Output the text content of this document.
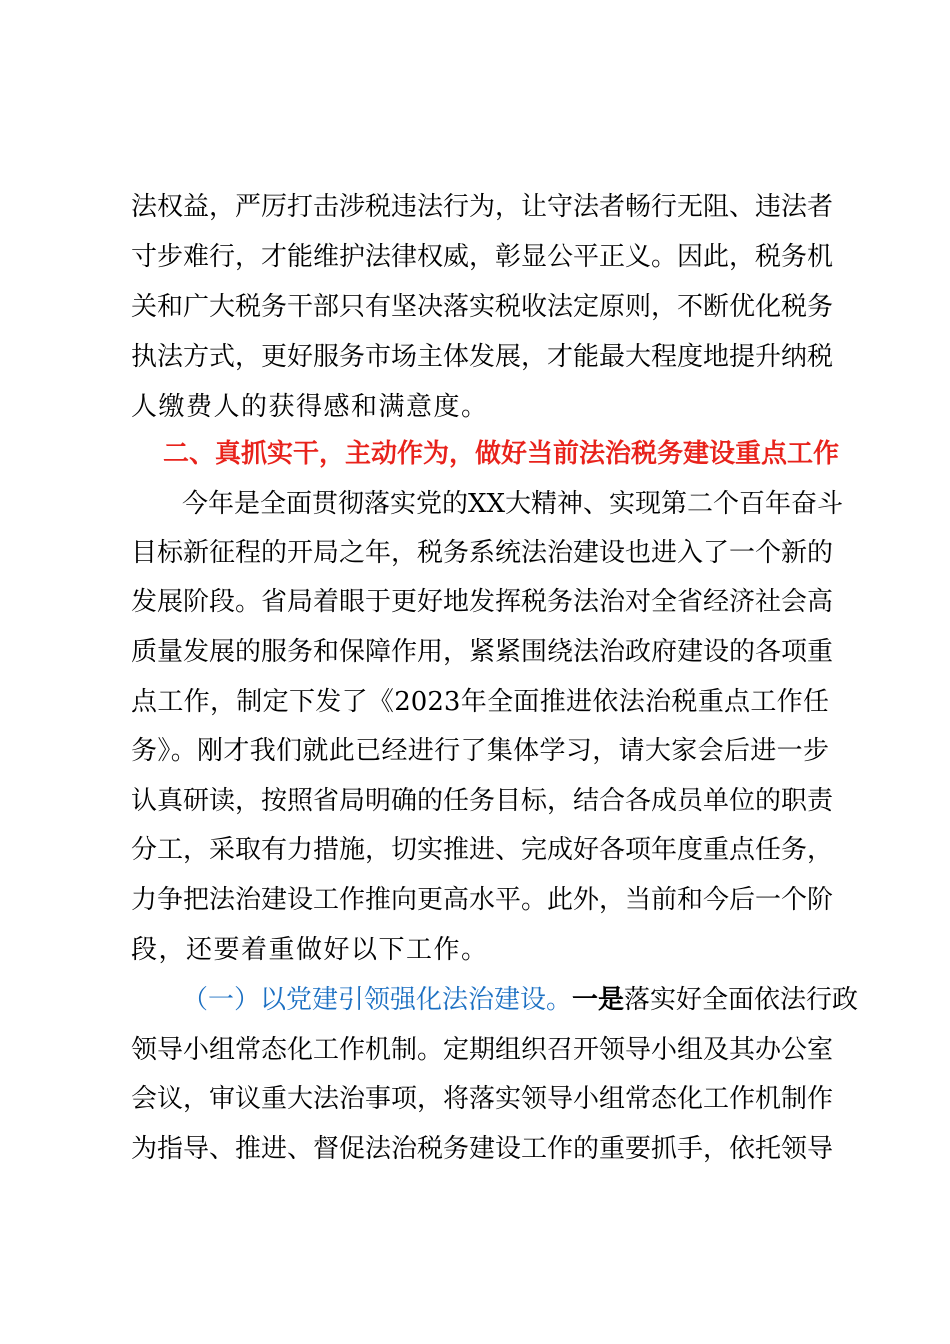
法权益，严厉打击涉税违法行为，让守法者畅行无阻、违法者
寸步难行，才能维护法律权威，彰显公平正义。因此，税务机
关和广大税务干部只有坚决落实税收法定原则，不断优化税务
执法方式，更好服务市场主体发展，才能最大程度地提升纳税
人缴费人的获得感和满意度。
二、真抓实干，主动作为，做好当前法治税务建设重点工作
今年是全面贯彻落实党的XX大精神、实现第二个百年奋斗
目标新征程的开局之年，税务系统法治建设也进入了一个新的
发展阶段。省局着眼于更好地发挥税务法治对全省经济社会高
质量发展的服务和保障作用，紧紧围绕法治政府建设的各项重
点工作，制定下发了《2023年全面推进依法治税重点工作任
务》。刚才我们就此已经进行了集体学习，请大家会后进一步
认真研读，按照省局明确的任务目标，结合各成员单位的职责
分工，采取有力措施，切实推进、完成好各项年度重点任务，
力争把法治建设工作推向更高水平。此外，当前和今后一个阶
段，还要着重做好以下工作。
（一）以党建引领强化法治建设。一是落实好全面依法行政
领导小组常态化工作机制。定期组织召开领导小组及其办公室
会议，审议重大法治事项，将落实领导小组常态化工作机制作
为指导、推进、督促法治税务建设工作的重要抓手，依托领导
